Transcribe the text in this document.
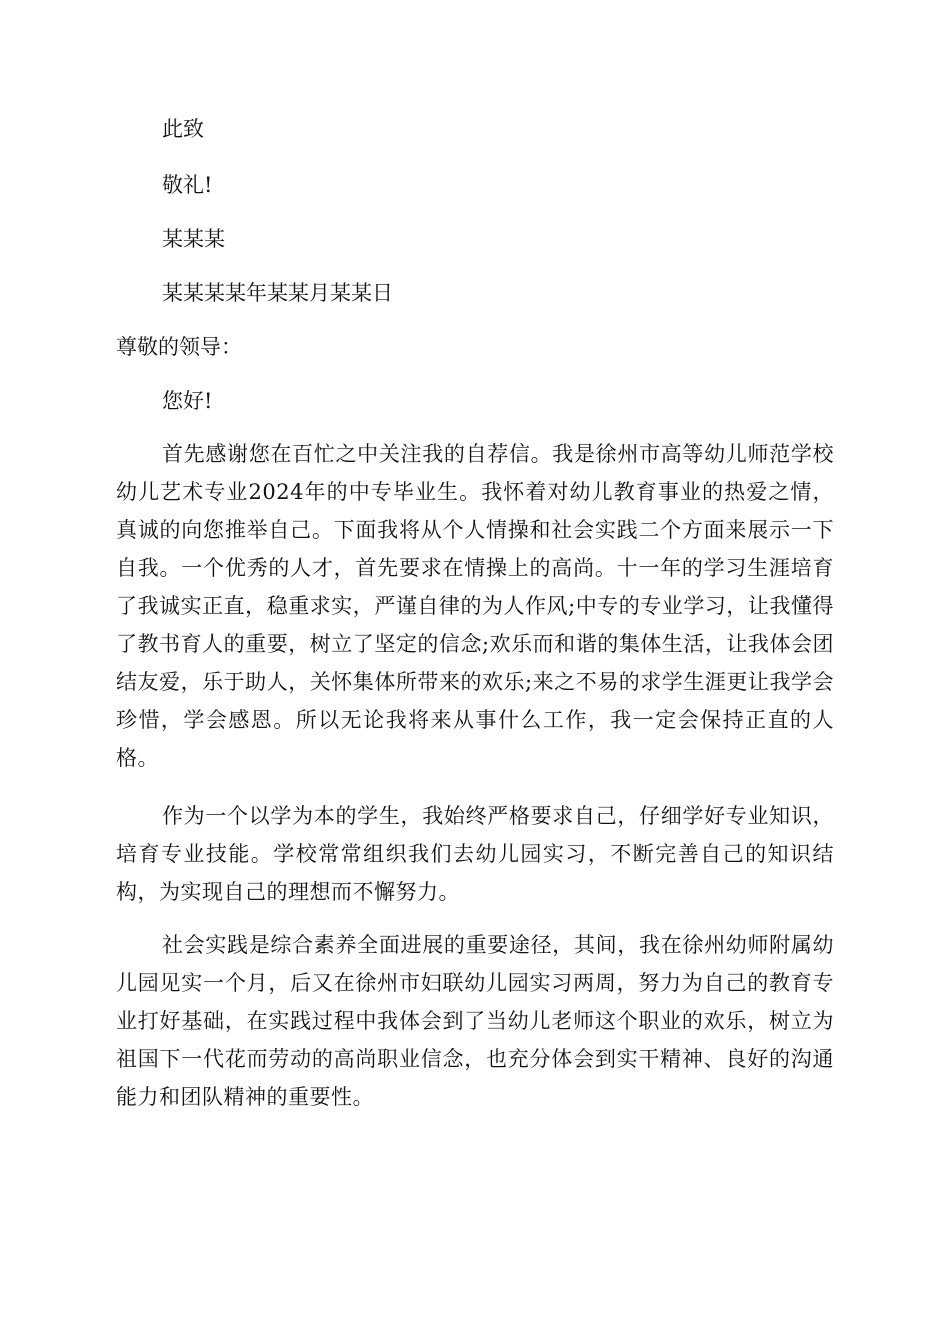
此致
敬礼!
某某某
某某某某年某某月某某日
尊敬的领导：
您好!

首先感谢您在百忙之中关注我的自荐信。我是徐州市高等幼儿师范学校幼儿艺术专业2024年的中专毕业生。我怀着对幼儿教育事业的热爱之情，真诚的向您推举自己。下面我将从个人情操和社会实践二个方面来展示一下自我。一个优秀的人才，首先要求在情操上的高尚。十一年的学习生涯培育了我诚实正直，稳重求实，严谨自律的为人作风;中专的专业学习，让我懂得了教书育人的重要，树立了坚定的信念;欢乐而和谐的集体生活，让我体会团结友爱，乐于助人，关怀集体所带来的欢乐;来之不易的求学生涯更让我学会珍惜，学会感恩。所以无论我将来从事什么工作，我一定会保持正直的人格。

作为一个以学为本的学生，我始终严格要求自己，仔细学好专业知识，培育专业技能。学校常常组织我们去幼儿园实习，不断完善自己的知识结构，为实现自己的理想而不懈努力。

社会实践是综合素养全面进展的重要途径，其间，我在徐州幼师附属幼儿园见实一个月，后又在徐州市妇联幼儿园实习两周，努力为自己的教育专业打好基础，在实践过程中我体会到了当幼儿老师这个职业的欢乐，树立为祖国下一代花而劳动的高尚职业信念，也充分体会到实干精神、良好的沟通能力和团队精神的重要性。
